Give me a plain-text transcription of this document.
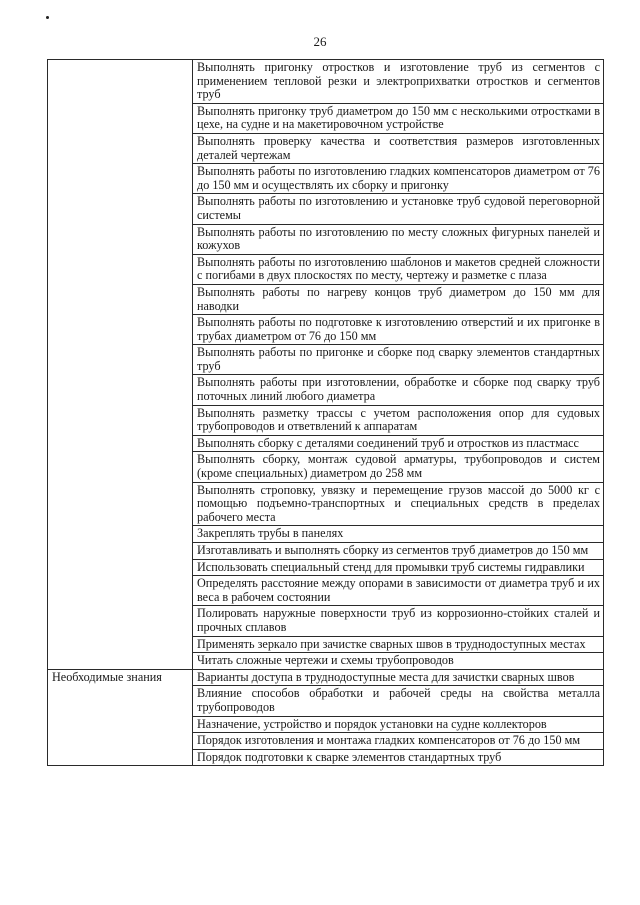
26
	Выполнять пригонку отростков и изготовление труб из сегментов с применением тепловой резки и электроприхватки отростков и сегментов труб
	Выполнять пригонку труб диаметром до 150 мм с несколькими отростками в цехе, на судне и на макетировочном устройстве
	Выполнять проверку качества и соответствия размеров изготовленных деталей чертежам
	Выполнять работы по изготовлению гладких компенсаторов диаметром от 76 до 150 мм и осуществлять их сборку и пригонку
	Выполнять работы по изготовлению и установке труб судовой переговорной системы
	Выполнять работы по изготовлению по месту сложных фигурных панелей и кожухов
	Выполнять работы по изготовлению шаблонов и макетов средней сложности с погибами в двух плоскостях по месту, чертежу и разметке с плаза
	Выполнять работы по нагреву концов труб диаметром до 150 мм для наводки
	Выполнять работы по подготовке к изготовлению отверстий и их пригонке в трубах диаметром от 76 до 150 мм
	Выполнять работы по пригонке и сборке под сварку элементов стандартных труб
	Выполнять работы при изготовлении, обработке и сборке под сварку труб поточных линий любого диаметра
	Выполнять разметку трассы с учетом расположения опор для судовых трубопроводов и ответвлений к аппаратам
	Выполнять сборку с деталями соединений труб и отростков из пластмасс
	Выполнять сборку, монтаж судовой арматуры, трубопроводов и систем (кроме специальных) диаметром до 258 мм
	Выполнять строповку, увязку и перемещение грузов массой до 5000 кг с помощью подъемно-транспортных и специальных средств в пределах рабочего места
	Закреплять трубы в панелях
	Изготавливать и выполнять сборку из сегментов труб диаметров до 150 мм
	Использовать специальный стенд для промывки труб системы гидравлики
	Определять расстояние между опорами в зависимости от диаметра труб и их веса в рабочем состоянии
	Полировать наружные поверхности труб из коррозионно-стойких сталей и прочных сплавов
	Применять зеркало при зачистке сварных швов в труднодоступных местах
	Читать сложные чертежи и схемы трубопроводов
Необходимые знания	Варианты доступа в труднодоступные места для зачистки сварных швов
	Влияние способов обработки и рабочей среды на свойства металла трубопроводов
	Назначение, устройство и порядок установки на судне коллекторов
	Порядок изготовления и монтажа гладких компенсаторов от 76 до 150 мм
	Порядок подготовки к сварке элементов стандартных труб
